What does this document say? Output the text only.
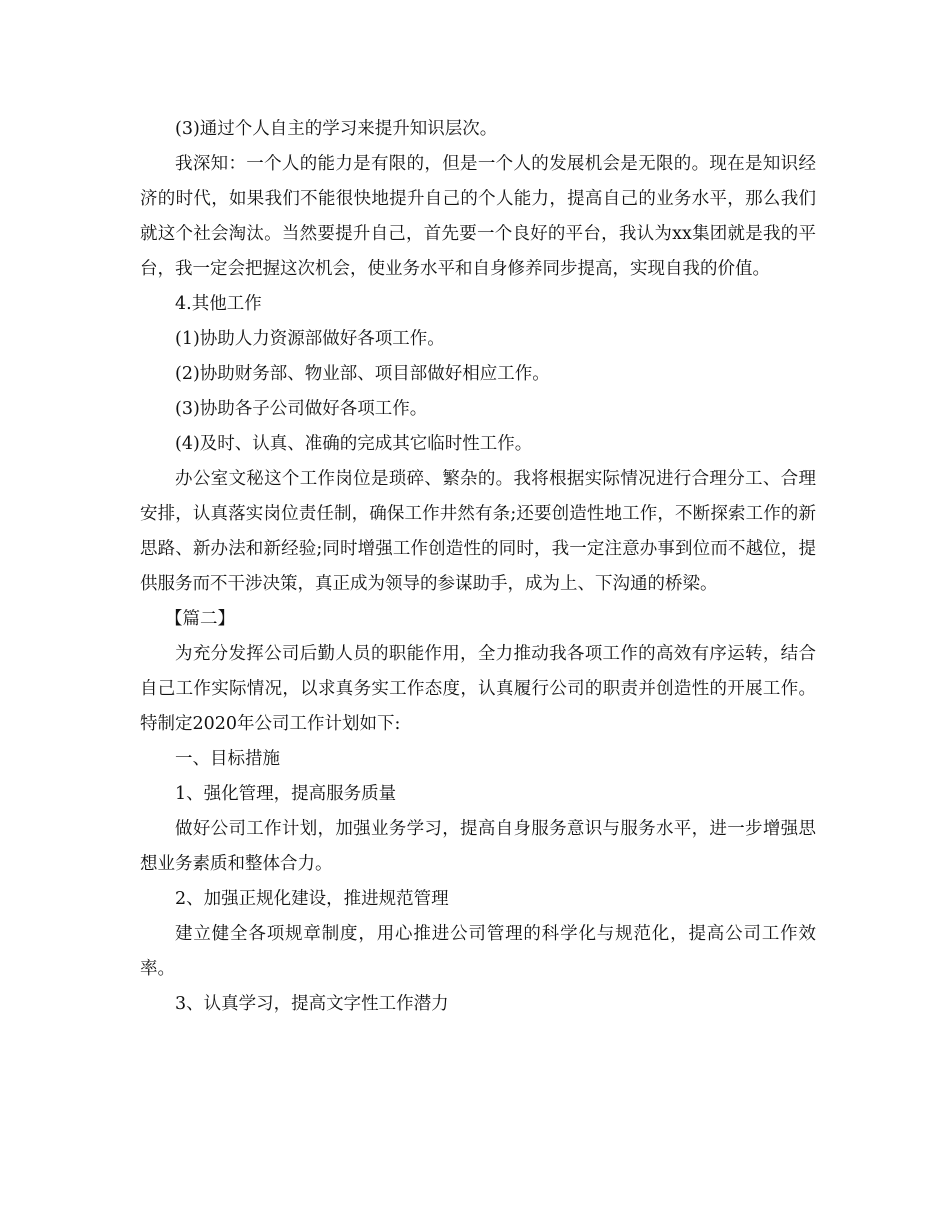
(3)通过个人自主的学习来提升知识层次。

我深知：一个人的能力是有限的，但是一个人的发展机会是无限的。现在是知识经济的时代，如果我们不能很快地提升自己的个人能力，提高自己的业务水平，那么我们就这个社会淘汰。当然要提升自己，首先要一个良好的平台，我认为xx集团就是我的平台，我一定会把握这次机会，使业务水平和自身修养同步提高，实现自我的价值。

4.其他工作

(1)协助人力资源部做好各项工作。

(2)协助财务部、物业部、项目部做好相应工作。

(3)协助各子公司做好各项工作。

(4)及时、认真、准确的完成其它临时性工作。

办公室文秘这个工作岗位是琐碎、繁杂的。我将根据实际情况进行合理分工、合理安排，认真落实岗位责任制，确保工作井然有条;还要创造性地工作，不断探索工作的新思路、新办法和新经验;同时增强工作创造性的同时，我一定注意办事到位而不越位，提供服务而不干涉决策，真正成为领导的参谋助手，成为上、下沟通的桥梁。

【篇二】

为充分发挥公司后勤人员的职能作用，全力推动我各项工作的高效有序运转，结合自己工作实际情况，以求真务实工作态度，认真履行公司的职责并创造性的开展工作。特制定2020年公司工作计划如下:

一、目标措施

1、强化管理，提高服务质量

做好公司工作计划，加强业务学习，提高自身服务意识与服务水平，进一步增强思想业务素质和整体合力。

2、加强正规化建设，推进规范管理

建立健全各项规章制度，用心推进公司管理的科学化与规范化，提高公司工作效率。

3、认真学习，提高文字性工作潜力
